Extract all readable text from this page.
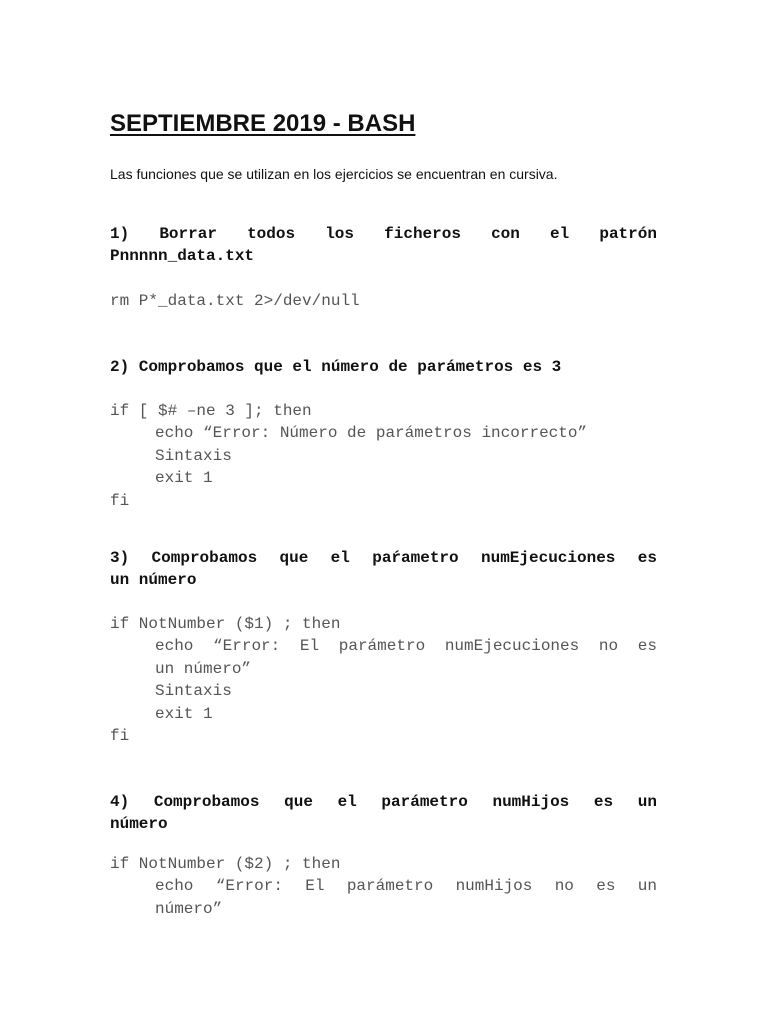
SEPTIEMBRE 2019 - BASH

Las funciones que se utilizan en los ejercicios se encuentran en cursiva.

1) Borrar todos los ficheros con el patrón
Pnnnnn_data.txt
rm P*_data.txt 2>/dev/null
2) Comprobamos que el número de parámetros es 3
if [ $# –ne 3 ]; then
echo “Error: Número de parámetros incorrecto”
Sintaxis
exit 1
fi
3) Comprobamos que el paŕametro numEjecuciones es
un número
if NotNumber ($1) ; then
echo “Error: El parámetro numEjecuciones no es
un número”
Sintaxis
exit 1
fi
4) Comprobamos que el parámetro numHijos es un
número
if NotNumber ($2) ; then
echo “Error: El parámetro numHijos no es un
número”
